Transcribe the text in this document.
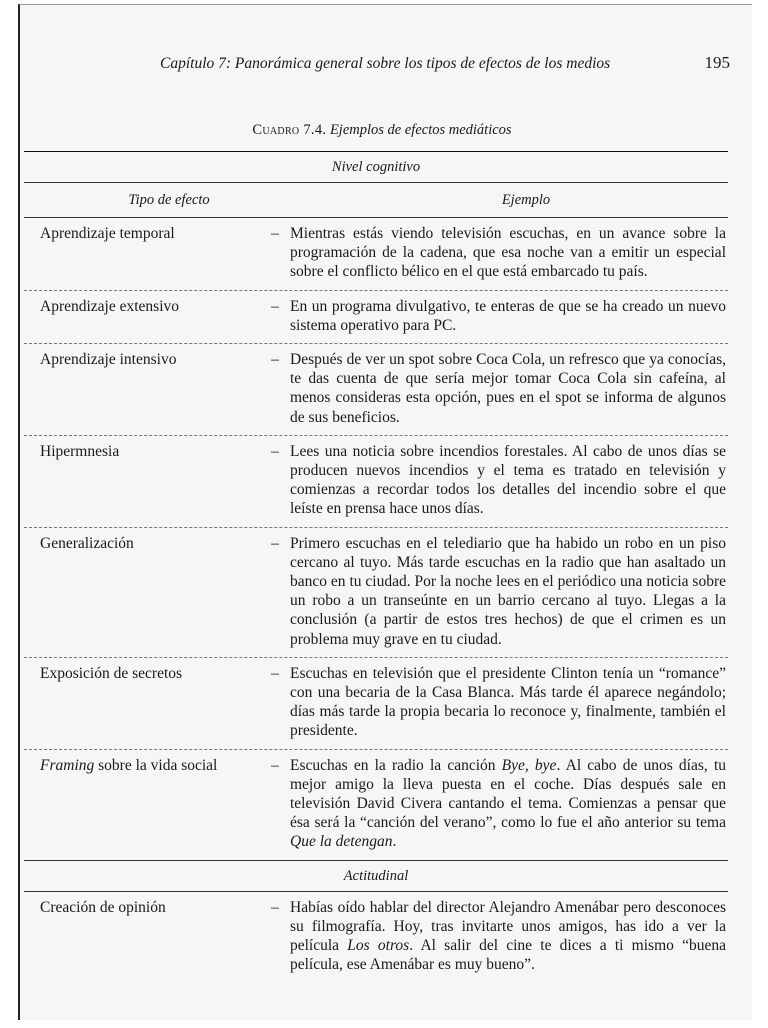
Capítulo 7: Panorámica general sobre los tipos de efectos de los medios	195
Cuadro 7.4. Ejemplos de efectos mediáticos
Nivel cognitivo
Tipo de efecto	Ejemplo
Aprendizaje temporal	– Mientras estás viendo televisión escuchas, en un avance sobre la programación de la cadena, que esa noche van a emitir un especial sobre el conflicto bélico en el que está embarcado tu país.
Aprendizaje extensivo	– En un programa divulgativo, te enteras de que se ha creado un nuevo sistema operativo para PC.
Aprendizaje intensivo	– Después de ver un spot sobre Coca Cola, un refresco que ya conocías, te das cuenta de que sería mejor tomar Coca Cola sin cafeína, al menos consideras esta opción, pues en el spot se informa de algunos de sus beneficios.
Hipermnesia	– Lees una noticia sobre incendios forestales. Al cabo de unos días se producen nuevos incendios y el tema es tratado en televisión y comienzas a recordar todos los detalles del incendio sobre el que leíste en prensa hace unos días.
Generalización	– Primero escuchas en el telediario que ha habido un robo en un piso cercano al tuyo. Más tarde escuchas en la radio que han asaltado un banco en tu ciudad. Por la noche lees en el periódico una noticia sobre un robo a un transeúnte en un barrio cercano al tuyo. Llegas a la conclusión (a partir de estos tres hechos) de que el crimen es un problema muy grave en tu ciudad.
Exposición de secretos	– Escuchas en televisión que el presidente Clinton tenía un “romance” con una becaria de la Casa Blanca. Más tarde él aparece negándolo; días más tarde la propia becaria lo reconoce y, finalmente, también el presidente.
Framing sobre la vida social	– Escuchas en la radio la canción Bye, bye. Al cabo de unos días, tu mejor amigo la lleva puesta en el coche. Días después sale en televisión David Civera cantando el tema. Comienzas a pensar que ésa será la “canción del verano”, como lo fue el año anterior su tema Que la detengan.
Actitudinal
Creación de opinión	– Habías oído hablar del director Alejandro Amenábar pero desconoces su filmografía. Hoy, tras invitarte unos amigos, has ido a ver la película Los otros. Al salir del cine te dices a ti mismo “buena película, ese Amenábar es muy bueno”.
